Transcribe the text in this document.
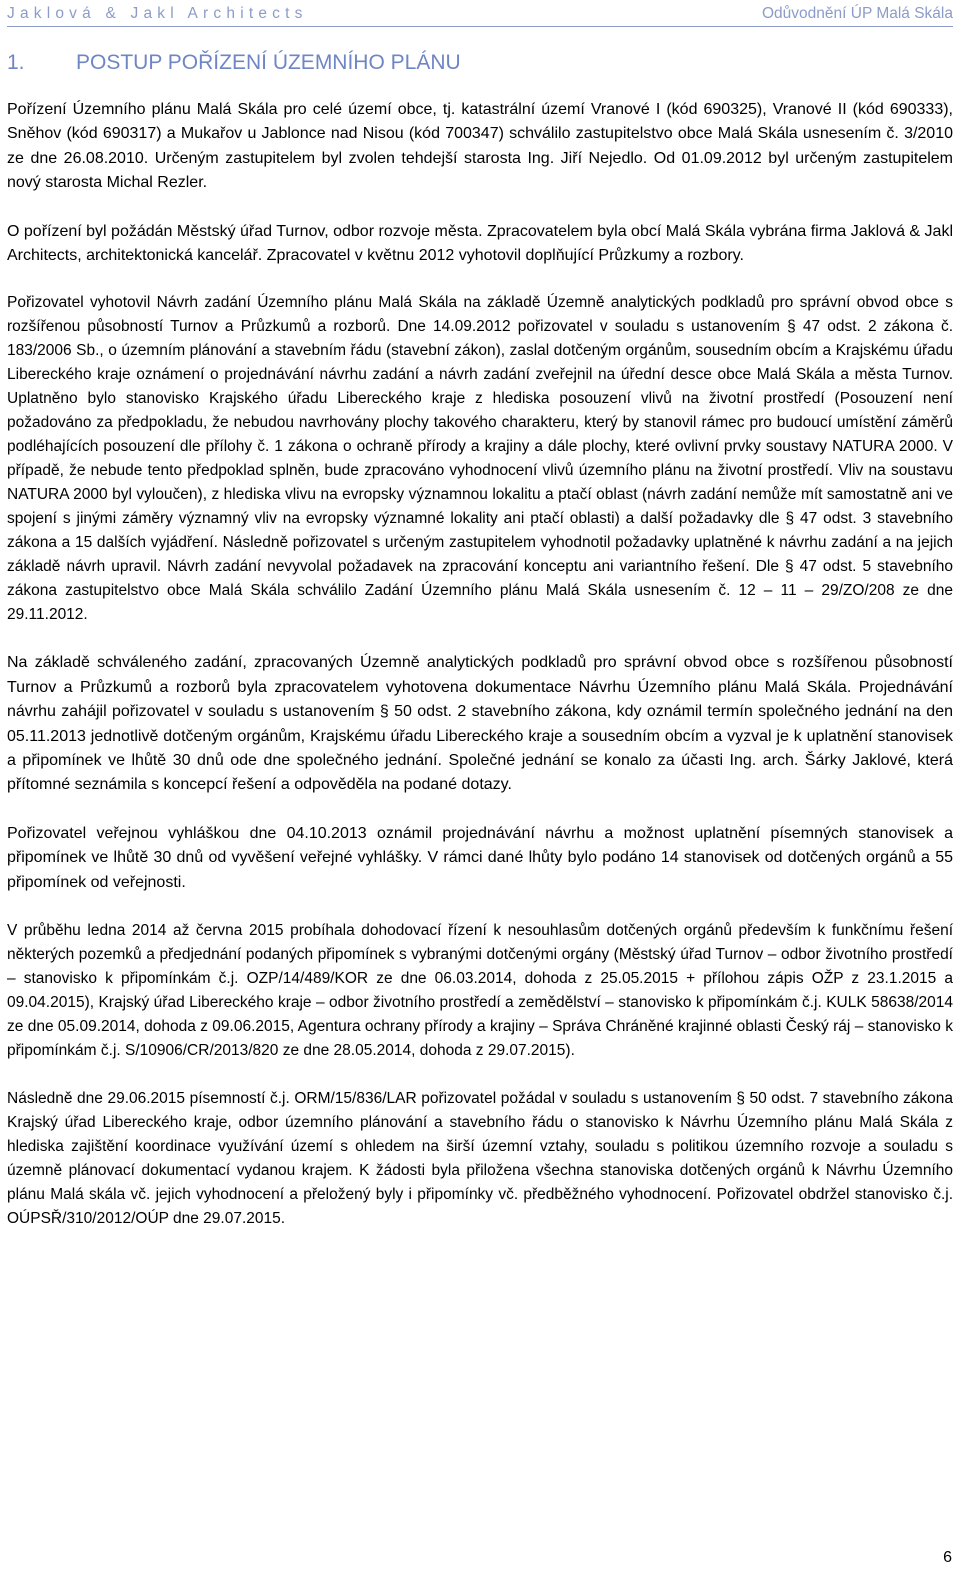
Jaklová & Jakl Architects	Odůvodnění ÚP Malá Skála
1. POSTUP POŘÍZENÍ ÚZEMNÍHO PLÁNU

Pořízení Územního plánu Malá Skála pro celé území obce, tj. katastrální území Vranové I (kód 690325), Vranové II (kód 690333), Sněhov (kód 690317) a Mukařov u Jablonce nad Nisou (kód 700347) schválilo zastupitelstvo obce Malá Skála usnesením č. 3/2010 ze dne 26.08.2010. Určeným zastupitelem byl zvolen tehdejší starosta Ing. Jiří Nejedlo. Od 01.09.2012 byl určeným zastupitelem nový starosta Michal Rezler.

O pořízení byl požádán Městský úřad Turnov, odbor rozvoje města. Zpracovatelem byla obcí Malá Skála vybrána firma Jaklová & Jakl Architects, architektonická kancelář. Zpracovatel v květnu 2012 vyhotovil doplňující Průzkumy a rozbory.

Pořizovatel vyhotovil Návrh zadání Územního plánu Malá Skála na základě Územně analytických podkladů pro správní obvod obce s rozšířenou působností Turnov a Průzkumů a rozborů. Dne 14.09.2012 pořizovatel v souladu s ustanovením § 47 odst. 2 zákona č. 183/2006 Sb., o územním plánování a stavebním řádu (stavební zákon), zaslal dotčeným orgánům, sousedním obcím a Krajskému úřadu Libereckého kraje oznámení o projednávání návrhu zadání a návrh zadání zveřejnil na úřední desce obce Malá Skála a města Turnov. Uplatněno bylo stanovisko Krajského úřadu Libereckého kraje z hlediska posouzení vlivů na životní prostředí (Posouzení není požadováno za předpokladu, že nebudou navrhovány plochy takového charakteru, který by stanovil rámec pro budoucí umístění záměrů podléhajících posouzení dle přílohy č. 1 zákona o ochraně přírody a krajiny a dále plochy, které ovlivní prvky soustavy NATURA 2000. V případě, že nebude tento předpoklad splněn, bude zpracováno vyhodnocení vlivů územního plánu na životní prostředí. Vliv na soustavu NATURA 2000 byl vyloučen), z hlediska vlivu na evropsky významnou lokalitu a ptačí oblast (návrh zadání nemůže mít samostatně ani ve spojení s jinými záměry významný vliv na evropsky významné lokality ani ptačí oblasti) a další požadavky dle § 47 odst. 3 stavebního zákona a 15 dalších vyjádření. Následně pořizovatel s určeným zastupitelem vyhodnotil požadavky uplatněné k návrhu zadání a na jejich základě návrh upravil. Návrh zadání nevyvolal požadavek na zpracování konceptu ani variantního řešení. Dle § 47 odst. 5 stavebního zákona zastupitelstvo obce Malá Skála schválilo Zadání Územního plánu Malá Skála usnesením č. 12 – 11 – 29/ZO/208 ze dne 29.11.2012.

Na základě schváleného zadání, zpracovaných Územně analytických podkladů pro správní obvod obce s rozšířenou působností Turnov a Průzkumů a rozborů byla zpracovatelem vyhotovena dokumentace Návrhu Územního plánu Malá Skála. Projednávání návrhu zahájil pořizovatel v souladu s ustanovením § 50 odst. 2 stavebního zákona, kdy oznámil termín společného jednání na den 05.11.2013 jednotlivě dotčeným orgánům, Krajskému úřadu Libereckého kraje a sousedním obcím a vyzval je k uplatnění stanovisek a připomínek ve lhůtě 30 dnů ode dne společného jednání. Společné jednání se konalo za účasti Ing. arch. Šárky Jaklové, která přítomné seznámila s koncepcí řešení a odpověděla na podané dotazy.

Pořizovatel veřejnou vyhláškou dne 04.10.2013 oznámil projednávání návrhu a možnost uplatnění písemných stanovisek a připomínek ve lhůtě 30 dnů od vyvěšení veřejné vyhlášky. V rámci dané lhůty bylo podáno 14 stanovisek od dotčených orgánů a 55 připomínek od veřejnosti.

V průběhu ledna 2014 až června 2015 probíhala dohodovací řízení k nesouhlasům dotčených orgánů především k funkčnímu řešení některých pozemků a předjednání podaných připomínek s vybranými dotčenými orgány (Městský úřad Turnov – odbor životního prostředí – stanovisko k připomínkám č.j. OZP/14/489/KOR ze dne 06.03.2014, dohoda z 25.05.2015 + přílohou zápis OŽP z 23.1.2015 a 09.04.2015), Krajský úřad Libereckého kraje – odbor životního prostředí a zemědělství – stanovisko k připomínkám č.j. KULK 58638/2014 ze dne 05.09.2014, dohoda z 09.06.2015, Agentura ochrany přírody a krajiny – Správa Chráněné krajinné oblasti Český ráj – stanovisko k připomínkám č.j. S/10906/CR/2013/820 ze dne 28.05.2014, dohoda z 29.07.2015).

Následně dne 29.06.2015 písemností č.j. ORM/15/836/LAR pořizovatel požádal v souladu s ustanovením § 50 odst. 7 stavebního zákona Krajský úřad Libereckého kraje, odbor územního plánování a stavebního řádu o stanovisko k Návrhu Územního plánu Malá Skála z hlediska zajištění koordinace využívání území s ohledem na širší územní vztahy, souladu s politikou územního rozvoje a souladu s územně plánovací dokumentací vydanou krajem. K žádosti byla přiložena všechna stanoviska dotčených orgánů k Návrhu Územního plánu Malá skála vč. jejich vyhodnocení a přeložený byly i připomínky vč. předběžného vyhodnocení. Pořizovatel obdržel stanovisko č.j. OÚPSŘ/310/2012/OÚP dne 29.07.2015.

6
